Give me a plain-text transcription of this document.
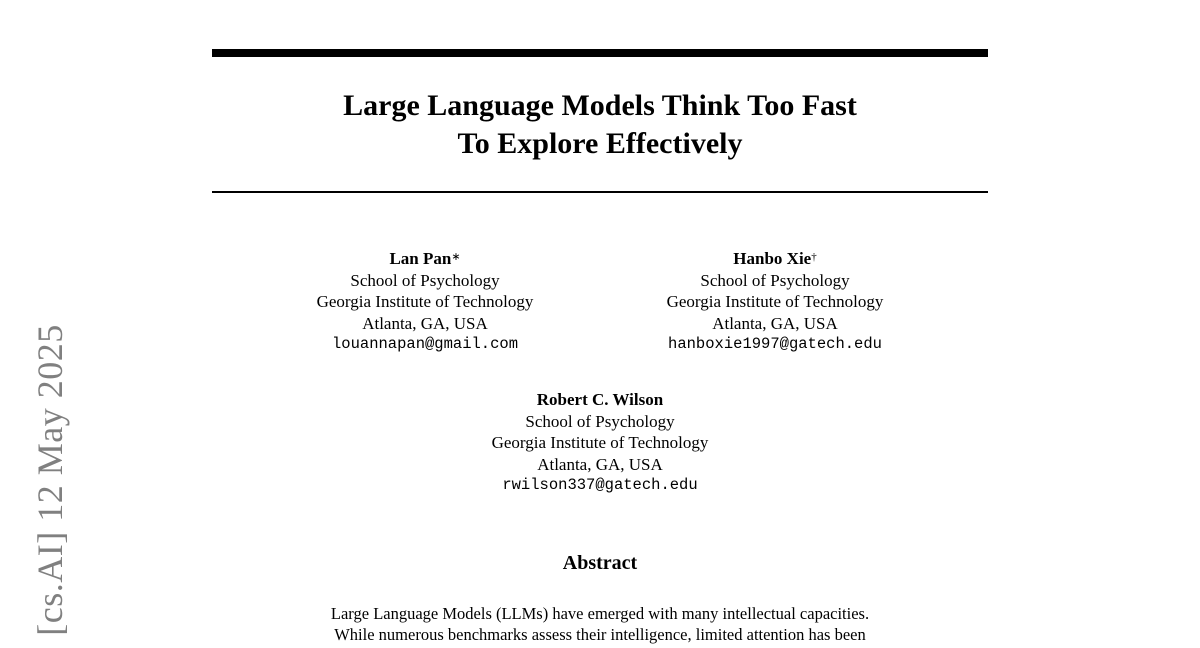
[cs.AI] 12 May 2025
Large Language Models Think Too Fast
To Explore Effectively
Lan Pan∗
School of Psychology
Georgia Institute of Technology
Atlanta, GA, USA
louannapan@gmail.com
Hanbo Xie†
School of Psychology
Georgia Institute of Technology
Atlanta, GA, USA
hanboxie1997@gatech.edu
Robert C. Wilson
School of Psychology
Georgia Institute of Technology
Atlanta, GA, USA
rwilson337@gatech.edu
Abstract
Large Language Models (LLMs) have emerged with many intellectual capacities.
While numerous benchmarks assess their intelligence, limited attention has been
